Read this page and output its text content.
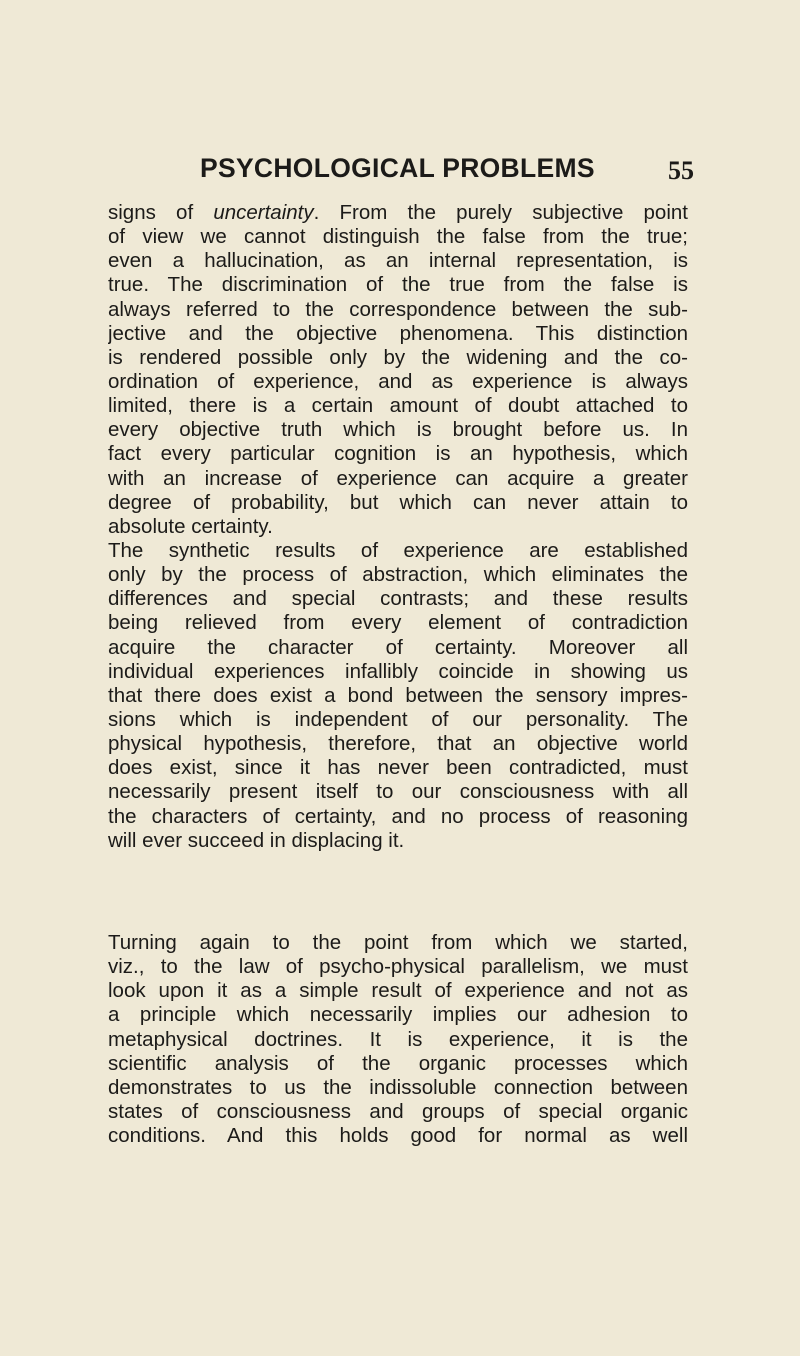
PSYCHOLOGICAL PROBLEMS	55
signs of uncertainty. From the purely subjective point
of view we cannot distinguish the false from the true;
even a hallucination, as an internal representation, is
true. The discrimination of the true from the false is
always referred to the correspondence between the sub-
jective and the objective phenomena. This distinction
is rendered possible only by the widening and the co-
ordination of experience, and as experience is always
limited, there is a certain amount of doubt attached to
every objective truth which is brought before us. In
fact every particular cognition is an hypothesis, which
with an increase of experience can acquire a greater
degree of probability, but which can never attain to
absolute certainty.
The synthetic results of experience are established
only by the process of abstraction, which eliminates the
differences and special contrasts; and these results
being relieved from every element of contradiction
acquire the character of certainty. Moreover all
individual experiences infallibly coincide in showing us
that there does exist a bond between the sensory impres-
sions which is independent of our personality. The
physical hypothesis, therefore, that an objective world
does exist, since it has never been contradicted, must
necessarily present itself to our consciousness with all
the characters of certainty, and no process of reasoning
will ever succeed in displacing it.
Turning again to the point from which we started,
viz., to the law of psycho-physical parallelism, we must
look upon it as a simple result of experience and not as
a principle which necessarily implies our adhesion to
metaphysical doctrines. It is experience, it is the
scientific analysis of the organic processes which
demonstrates to us the indissoluble connection between
states of consciousness and groups of special organic
conditions. And this holds good for normal as well
